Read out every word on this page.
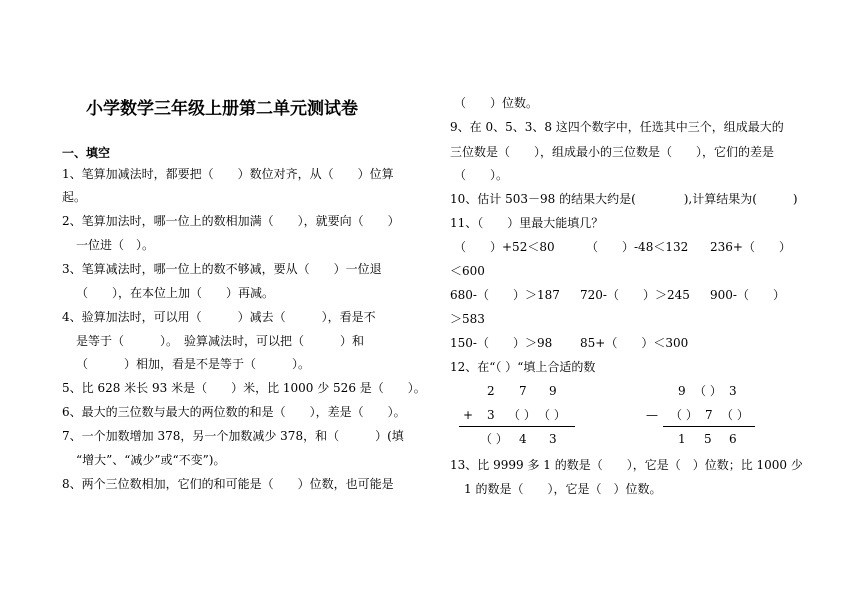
小学数学三年级上册第二单元测试卷
一、填空
1、笔算加减法时，都要把（　　）数位对齐，从（　　）位算
起。
2、笔算加法时，哪一位上的数相加满（　　），就要向（　　）
一位进（　）。
3、笔算减法时，哪一位上的数不够减，要从（　　）一位退
（　　），在本位上加（　　）再减。
4、验算加法时，可以用（　　　）减去（　　　），看是不
是等于（　　　）。　验算减法时，可以把（　　　）和
（　　　）相加，看是不是等于（　　　）。
5、比 628 米长 93 米是（　　）米，比 1000 少 526 是（　　）。
6、最大的三位数与最大的两位数的和是（　　），差是（　　）。
7、一个加数增加 378，另一个加数减少 378，和（　　　）(填
“增大”、“减少”或“不变”)。
8、两个三位数相加，它们的和可能是（　　）位数，也可能是
（　　）位数。
9、在 0、5、3、8 这四个数字中，任选其中三个，组成最大的
三位数是（　　），组成最小的三位数是（　　），它们的差是
（　　）。
10、估计 503－98 的结果大约是(　　　　),计算结果为(　　　)
11、（　　）里最大能填几？
（　　）+52＜80	（　　）-48＜132 236+（　　）
＜600
680-（　　）＞187 720-（　　）＞245 900-（　　）
＞583
150-（　　）＞98 85+（　　）＜300
12、在“（ ）“填上合适的数
2 7 9
+ 3 （ ） （ ）
（ ） 4 3
9 （ ） 3
— （ ） 7 （ ）
1 5 6
13、比 9999 多 1 的数是（　　），它是（　）位数；比 1000 少
1 的数是（　　），它是（　）位数。
